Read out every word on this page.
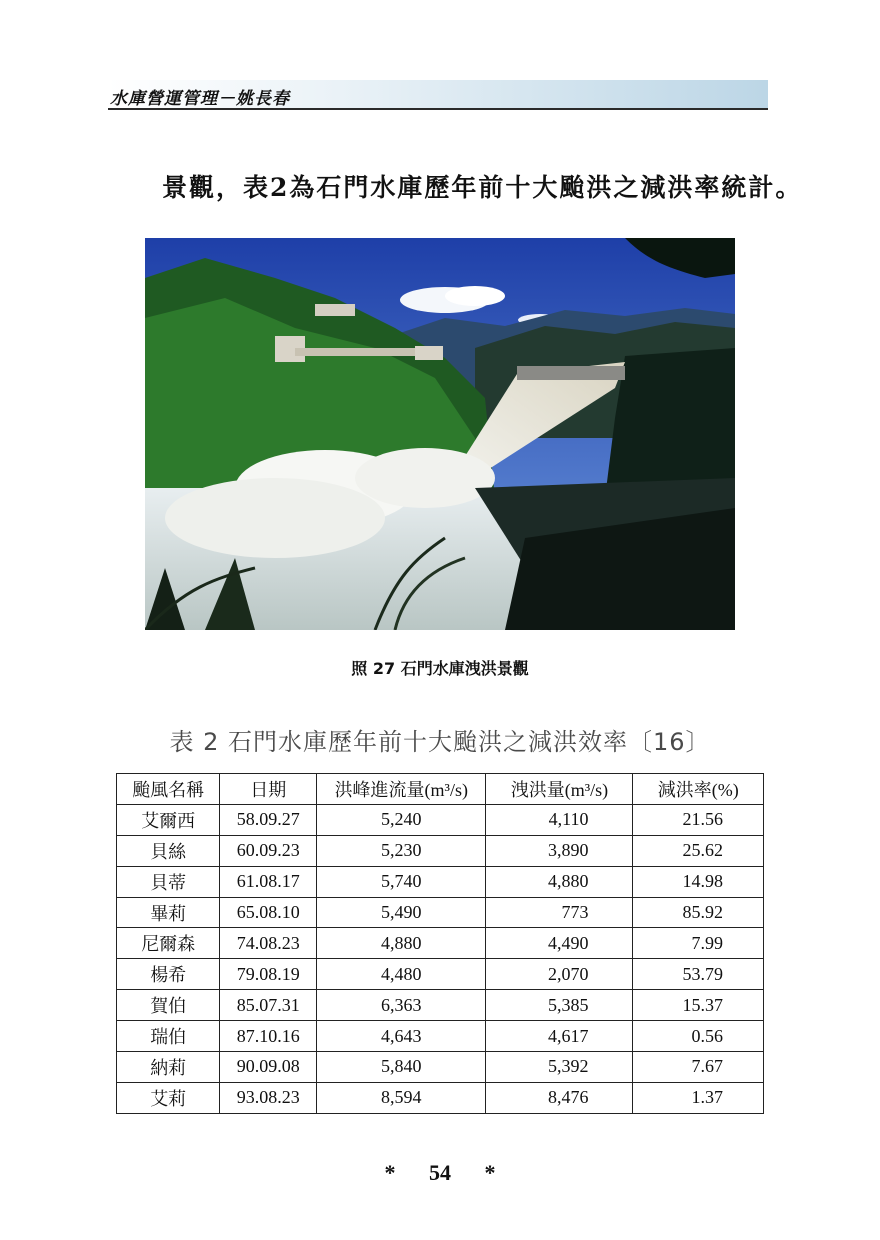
水庫營運管理－姚長春
景觀，表2為石門水庫歷年前十大颱洪之減洪率統計。
照 27 石門水庫洩洪景觀
表 2 石門水庫歷年前十大颱洪之減洪效率〔16〕
颱風名稱	日期	洪峰進流量(m³/s)	洩洪量(m³/s)	減洪率(%)
艾爾西	58.09.27	5,240	4,110	21.56
貝絲	60.09.23	5,230	3,890	25.62
貝蒂	61.08.17	5,740	4,880	14.98
畢莉	65.08.10	5,490	773	85.92
尼爾森	74.08.23	4,880	4,490	7.99
楊希	79.08.19	4,480	2,070	53.79
賀伯	85.07.31	6,363	5,385	15.37
瑞伯	87.10.16	4,643	4,617	0.56
納莉	90.09.08	5,840	5,392	7.67
艾莉	93.08.23	8,594	8,476	1.37
* 54 *
